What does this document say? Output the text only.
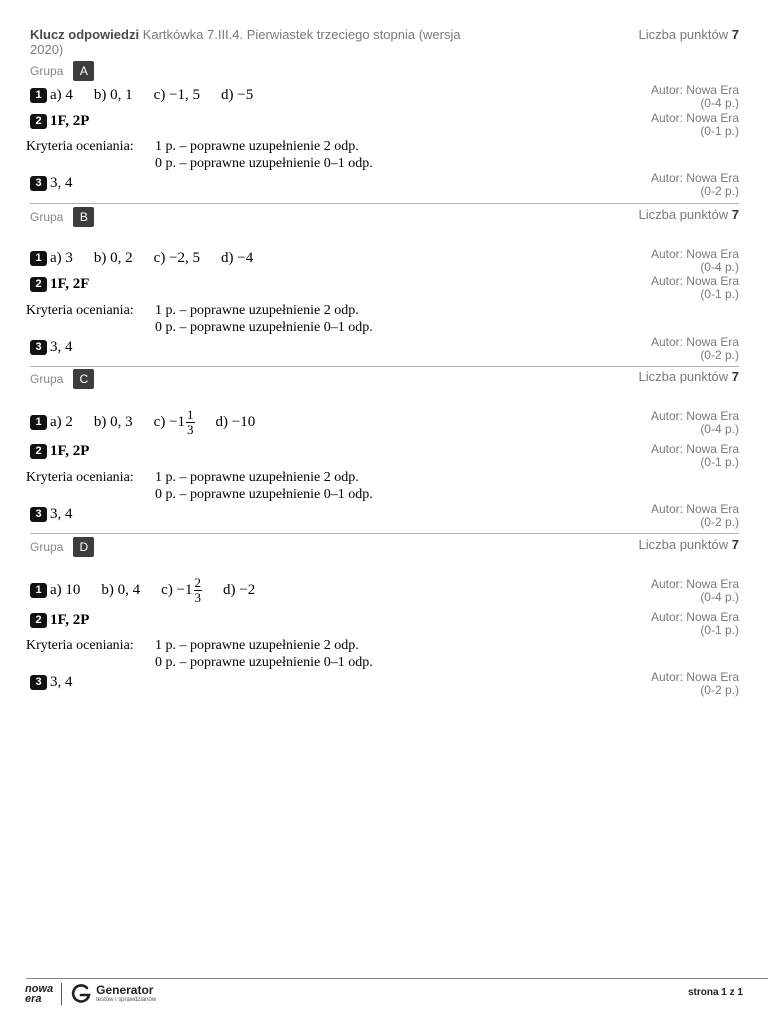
Klucz odpowiedzi Kartkówka 7.III.4. Pierwiastek trzeciego stopnia (wersja 2020)
Liczba punktów 7
Grupa	A
1 a) 4 b) 0, 1 c) −1, 5 d) −5	Autor: Nowa Era
(0-4 p.)
2 1F, 2P	Autor: Nowa Era
(0-1 p.)
Kryteria oceniania: 1 p. – poprawne uzupełnienie 2 odp.
0 p. – poprawne uzupełnienie 0–1 odp.
3 3, 4	Autor: Nowa Era
(0-2 p.)
Liczba punktów 7
Grupa	B
1 a) 3 b) 0, 2 c) −2, 5 d) −4	Autor: Nowa Era
(0-4 p.)
2 1F, 2F	Autor: Nowa Era
(0-1 p.)
Kryteria oceniania: 1 p. – poprawne uzupełnienie 2 odp.
0 p. – poprawne uzupełnienie 0–1 odp.
3 3, 4	Autor: Nowa Era
(0-2 p.)
Liczba punktów 7
Grupa	C
1 a) 2 b) 0, 3 $c) -1 \frac{1}{3} d) -10$	Autor: Nowa Era
(0-4 p.)
2 1F, 2P	Autor: Nowa Era
(0-1 p.)
Kryteria oceniania: 1 p. – poprawne uzupełnienie 2 odp.
0 p. – poprawne uzupełnienie 0–1 odp.
3 3, 4	Autor: Nowa Era
(0-2 p.)
Liczba punktów 7
Grupa	D
1 a) 10 b) 0, 4 $c) -1 \frac{2}{3} d) -2$	Autor: Nowa Era
(0-4 p.)
2 1F, 2P	Autor: Nowa Era
(0-1 p.)
Kryteria oceniania: 1 p. – poprawne uzupełnienie 2 odp.
0 p. – poprawne uzupełnienie 0–1 odp.
3 3, 4	Autor: Nowa Era
(0-2 p.)
nowa
era
Generator
testów i sprawdzianów
strona 1 z 1
